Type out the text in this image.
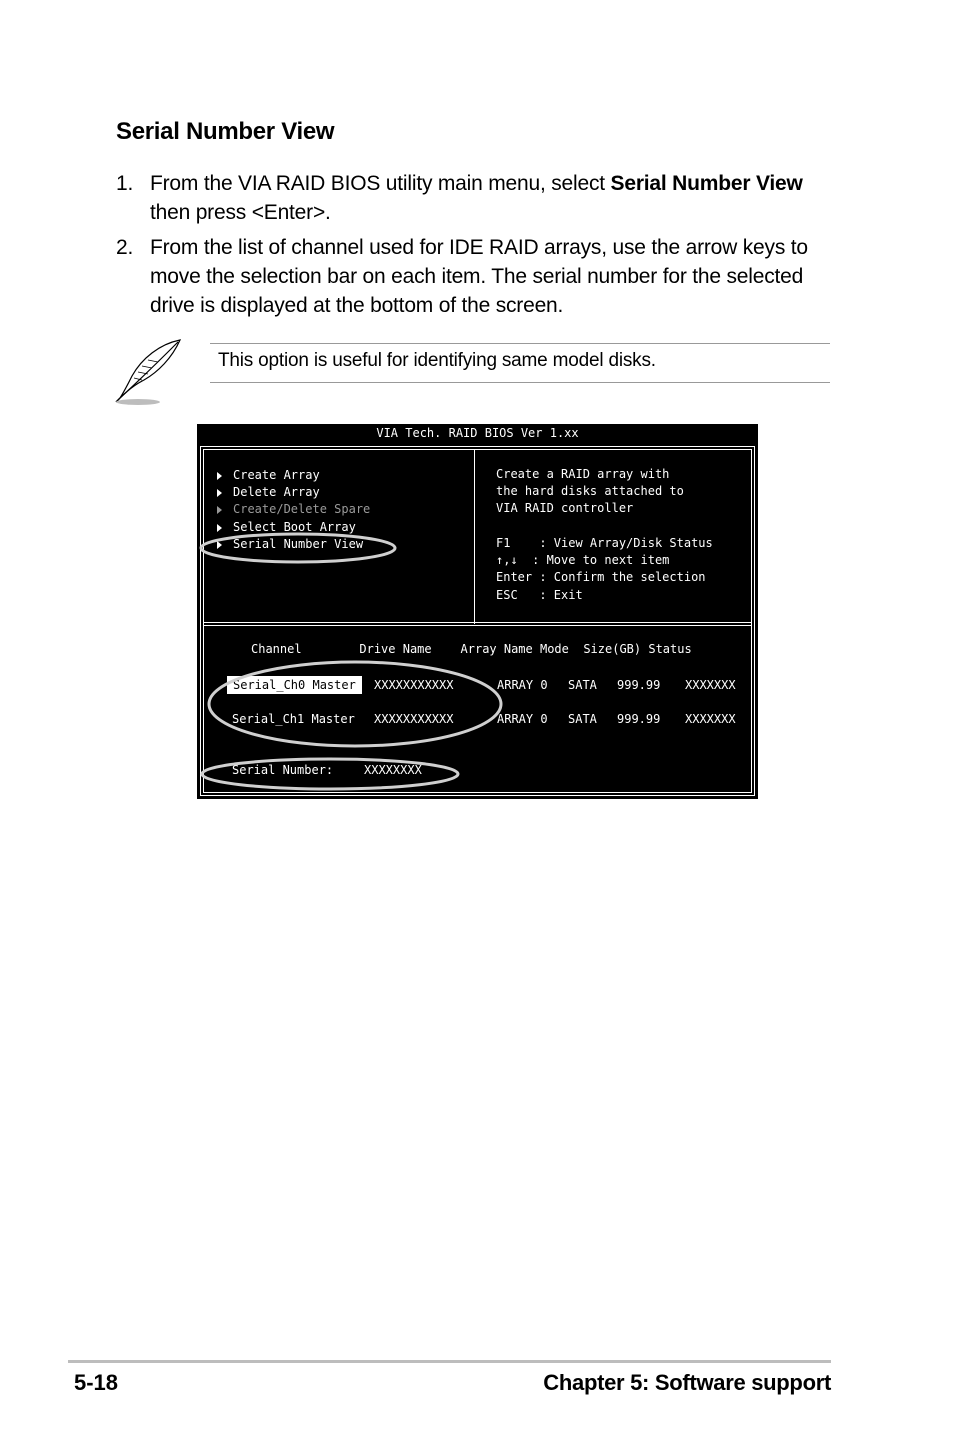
Serial Number View
1. From the VIA RAID BIOS utility main menu, select Serial Number View then press <Enter>.
2. From the list of channel used for IDE RAID arrays, use the arrow keys to move the selection bar on each item. The serial number for the selected drive is displayed at the bottom of the screen.
This option is useful for identifying same model disks.
VIA Tech. RAID BIOS Ver 1.xx
Create Array
Delete Array
Create/Delete Spare
Select Boot Array
Serial Number View
Create a RAID array with
the hard disks attached to
VIA RAID controller
F1    : View Array/Disk Status
↑,↓  : Move to next item
Enter : Confirm the selection
ESC   : Exit
Channel        Drive Name    Array Name Mode  Size(GB) Status
Serial_Ch0 Master	XXXXXXXXXXX	ARRAY 0 SATA 999.99 XXXXXXX
Serial_Ch1 Master XXXXXXXXXXX	ARRAY 0 SATA 999.99 XXXXXXX
Serial Number:	XXXXXXXX
5-18	Chapter 5: Software support
